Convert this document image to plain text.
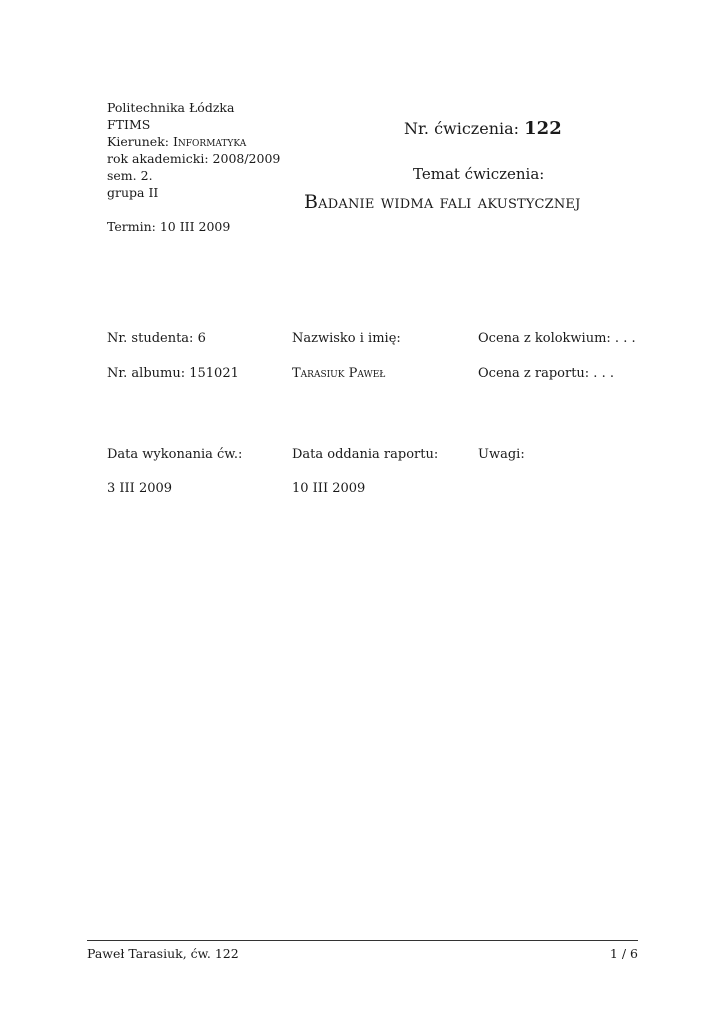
Politechnika Łódzka
FTIMS
Kierunek: Informatyka
rok akademicki: 2008/2009
sem. 2.
grupa II
Termin: 10 III 2009
Nr. ćwiczenia: 122
Temat ćwiczenia:
Badanie widma fali akustycznej
Nr. studenta: 6	Nazwisko i imię:	Ocena z kolokwium: . . .
Nr. albumu: 151021	Tarasiuk Paweł	Ocena z raportu: . . .
Data wykonania ćw.:	Data oddania raportu:	Uwagi:
3 III 2009	10 III 2009
Paweł Tarasiuk, ćw. 122	1 / 6
